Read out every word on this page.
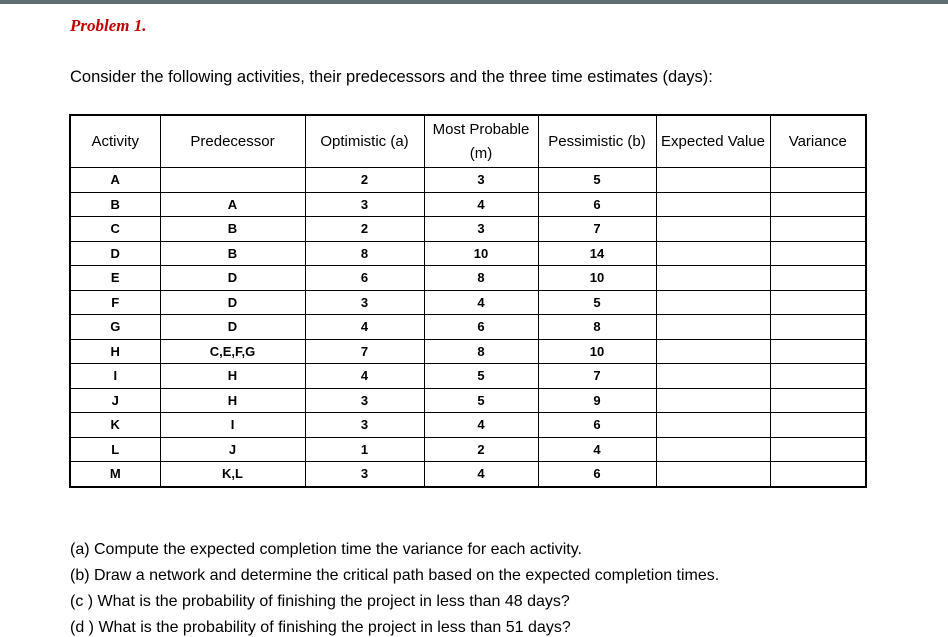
Problem 1.
Consider the following activities, their predecessors and the three time estimates (days):
Activity	Predecessor	Optimistic (a)	Most Probable (m)	Pessimistic (b)	Expected Value	Variance
A		2	3	5		
B	A	3	4	6		
C	B	2	3	7		
D	B	8	10	14		
E	D	6	8	10		
F	D	3	4	5		
G	D	4	6	8		
H	C,E,F,G	7	8	10		
I	H	4	5	7		
J	H	3	5	9		
K	I	3	4	6		
L	J	1	2	4		
M	K,L	3	4	6		
(a) Compute the expected completion time the variance for each activity.
(b) Draw a network and determine the critical path based on the expected completion times.
(c ) What is the probability of finishing the project in less than 48 days?
(d ) What is the probability of finishing the project in less than 51 days?
